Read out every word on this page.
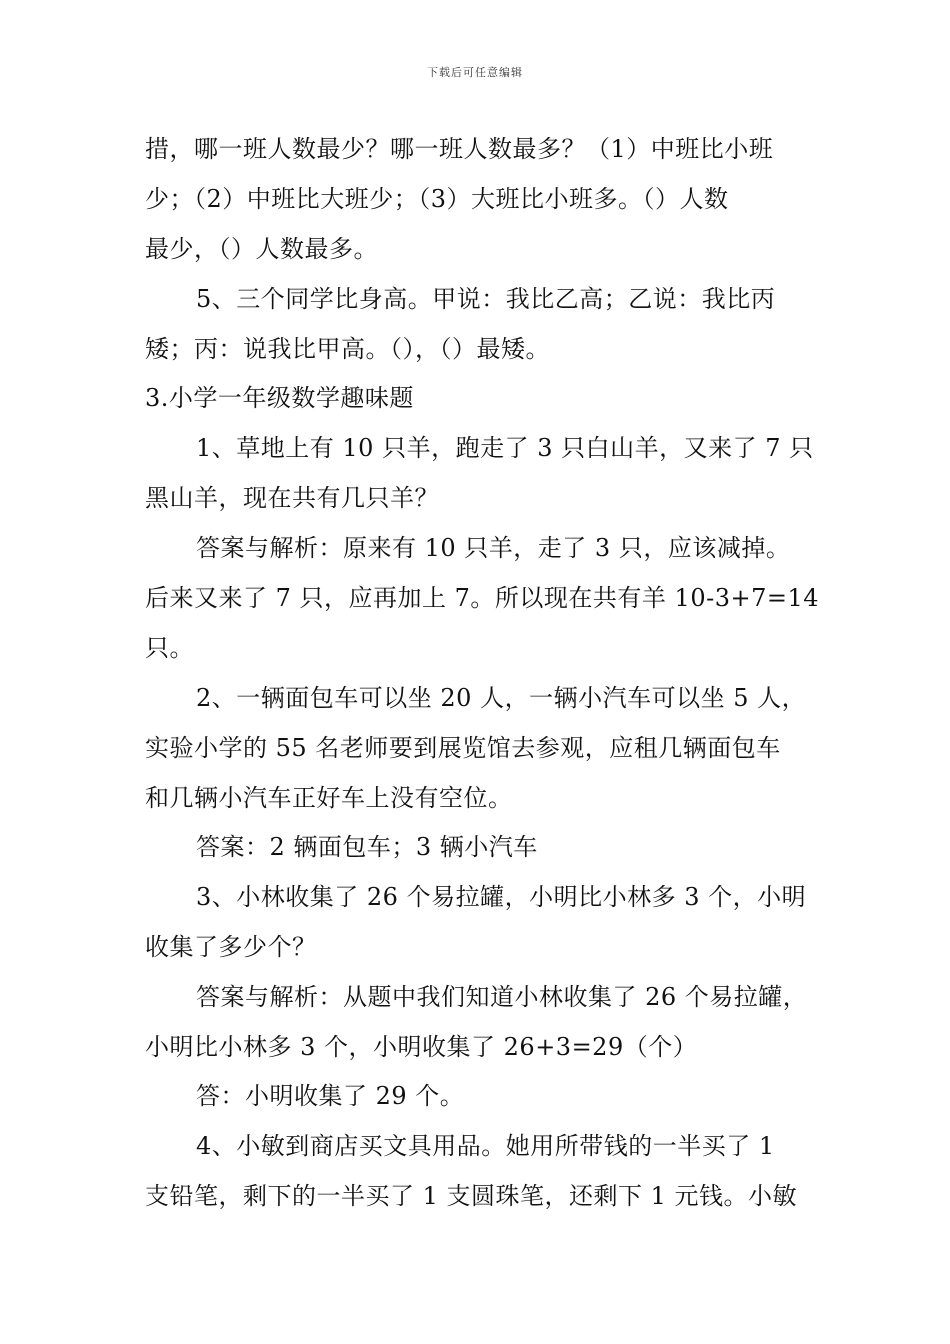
下载后可任意编辑
措，哪一班人数最少？哪一班人数最多？（1）中班比小班
少；（2）中班比大班少；（3）大班比小班多。（）人数
最少，（）人数最多。
5、三个同学比身高。甲说：我比乙高；乙说：我比丙
矮；丙：说我比甲高。（），（）最矮。
3.小学一年级数学趣味题
1、草地上有 10 只羊，跑走了 3 只白山羊，又来了 7 只
黑山羊，现在共有几只羊？
答案与解析：原来有 10 只羊，走了 3 只，应该减掉。
后来又来了 7 只，应再加上 7。所以现在共有羊 10-3+7=14
只。
2、一辆面包车可以坐 20 人，一辆小汽车可以坐 5 人，
实验小学的 55 名老师要到展览馆去参观，应租几辆面包车
和几辆小汽车正好车上没有空位。
答案：2 辆面包车；3 辆小汽车
3、小林收集了 26 个易拉罐，小明比小林多 3 个，小明
收集了多少个？
答案与解析：从题中我们知道小林收集了 26 个易拉罐，
小明比小林多 3 个，小明收集了 26+3=29（个）
答：小明收集了 29 个。
4、小敏到商店买文具用品。她用所带钱的一半买了 1
支铅笔，剩下的一半买了 1 支圆珠笔，还剩下 1 元钱。小敏
